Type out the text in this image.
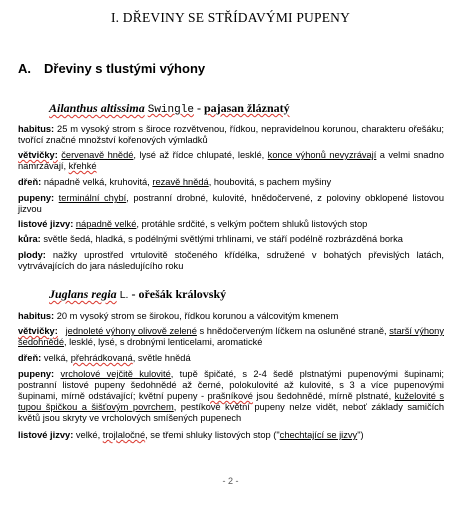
I. DŘEVINY SE STŘÍDAVÝMI PUPENY
A. Dřeviny s tlustými výhony
Ailanthus altissima Swingle - pajasan žláznatý
habitus: 25 m vysoký strom s široce rozvětvenou, řídkou, nepravidelnou korunou, charakteru ořešáku; tvořící značné množství kořenových výmladků
větvičky: červenavě hnědé, lysé až řídce chlupaté, lesklé, konce výhonů nevyzrávají a velmi snadno namrzávají, křehké
dřeň: nápadně velká, kruhovitá, rezavě hnědá, houbovitá, s pachem myšiny
pupeny: terminální chybí, postranní drobné, kulovité, hnědočervené, z poloviny obklopené listovou jizvou
listové jizvy: nápadně velké, protáhle srdčité, s velkým počtem shluků listových stop
kůra: světle šedá, hladká, s podélnými světlými trhlinami, ve stáří podélně rozbrázděná borka
plody: nažky uprostřed vrtulovitě stočeného křídélka, sdružené v bohatých převislých latách, vytrvávajících do jara následujícího roku
Juglans regia L. - ořešák královský
habitus: 20 m vysoký strom se širokou, řídkou korunou a válcovitým kmenem
větvičky: jednoleté výhony olivově zelené s hnědočerveným líčkem na osluněné straně, starší výhony šedohnědé, lesklé, lysé, s drobnými lenticelami, aromatické
dřeň: velká, přehrádkovaná, světle hnědá
pupeny: vrcholové vejčitě kulovité, tupě špičaté, s 2-4 šedě plstnatými pupenovými šupinami; postranní listové pupeny šedohnědé až černé, polokulovité až kulovité, s 3 a více pupenovými šupinami, mírně odstávající; květní pupeny - prašníkové jsou šedohnědé, mírně plstnaté, kuželovité s tupou špičkou a šišťovým povrchem, pestíkové květní pupeny nelze vidět, neboť základy samičích květů jsou skryty ve vrcholových smíšených pupenech
listové jizvy: velké, trojlaločné, se třemi shluky listových stop ("chechtající se jizvy")
- 2 -
